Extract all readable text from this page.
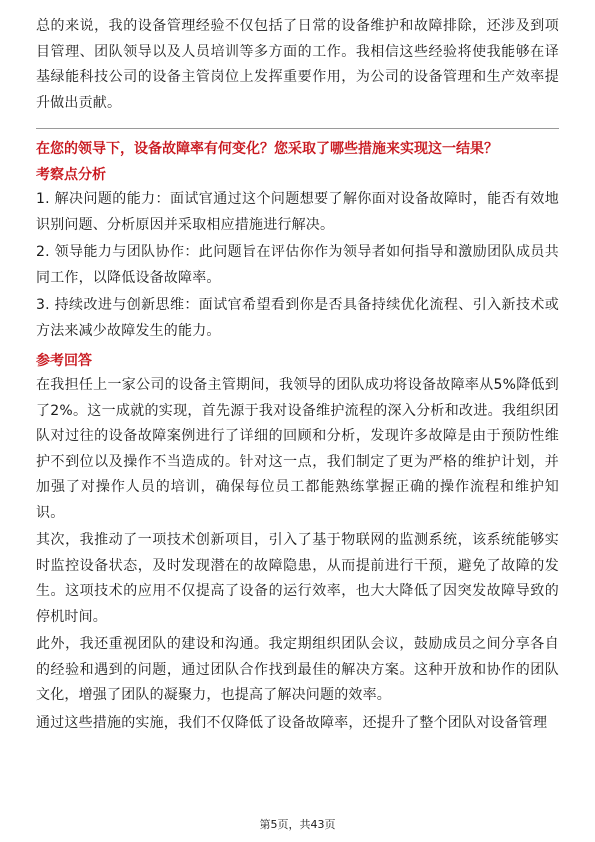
总的来说，我的设备管理经验不仅包括了日常的设备维护和故障排除，还涉及到项目管理、团队领导以及人员培训等多方面的工作。我相信这些经验将使我能够在译基绿能科技公司的设备主管岗位上发挥重要作用，为公司的设备管理和生产效率提升做出贡献。

在您的领导下，设备故障率有何变化？您采取了哪些措施来实现这一结果？
考察点分析

1. 解决问题的能力：面试官通过这个问题想要了解你面对设备故障时，能否有效地识别问题、分析原因并采取相应措施进行解决。

2. 领导能力与团队协作：此问题旨在评估你作为领导者如何指导和激励团队成员共同工作，以降低设备故障率。

3. 持续改进与创新思维：面试官希望看到你是否具备持续优化流程、引入新技术或方法来减少故障发生的能力。

参考回答

在我担任上一家公司的设备主管期间，我领导的团队成功将设备故障率从5%降低到了2%。这一成就的实现，首先源于我对设备维护流程的深入分析和改进。我组织团队对过往的设备故障案例进行了详细的回顾和分析，发现许多故障是由于预防性维护不到位以及操作不当造成的。针对这一点，我们制定了更为严格的维护计划，并加强了对操作人员的培训，确保每位员工都能熟练掌握正确的操作流程和维护知识。

其次，我推动了一项技术创新项目，引入了基于物联网的监测系统，该系统能够实时监控设备状态，及时发现潜在的故障隐患，从而提前进行干预，避免了故障的发生。这项技术的应用不仅提高了设备的运行效率，也大大降低了因突发故障导致的停机时间。

此外，我还重视团队的建设和沟通。我定期组织团队会议，鼓励成员之间分享各自的经验和遇到的问题，通过团队合作找到最佳的解决方案。这种开放和协作的团队文化，增强了团队的凝聚力，也提高了解决问题的效率。

通过这些措施的实施，我们不仅降低了设备故障率，还提升了整个团队对设备管理

第5页，共43页
